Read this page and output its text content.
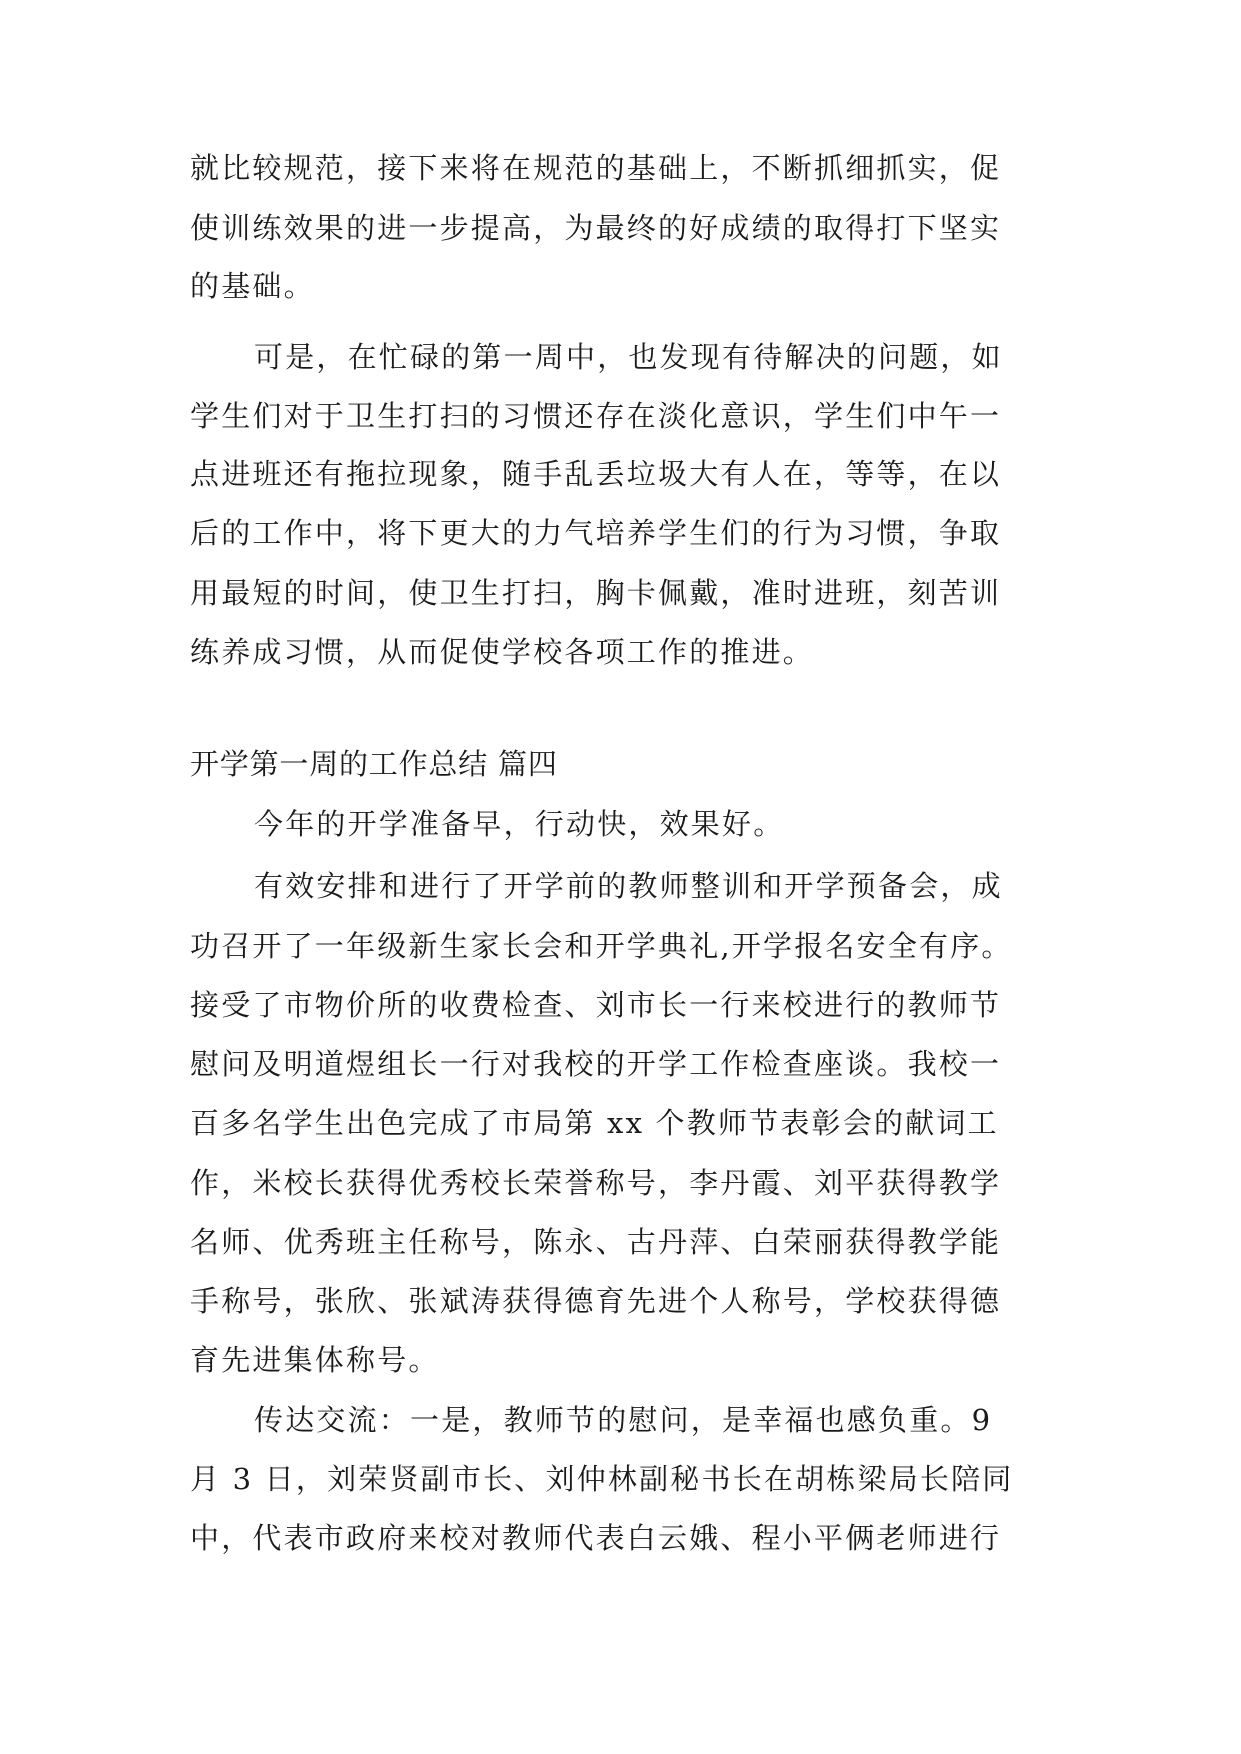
就比较规范，接下来将在规范的基础上，不断抓细抓实，促
使训练效果的进一步提高，为最终的好成绩的取得打下坚实
的基础。
可是，在忙碌的第一周中，也发现有待解决的问题，如
学生们对于卫生打扫的习惯还存在淡化意识，学生们中午一
点进班还有拖拉现象，随手乱丢垃圾大有人在，等等，在以
后的工作中，将下更大的力气培养学生们的行为习惯，争取
用最短的时间，使卫生打扫，胸卡佩戴，准时进班，刻苦训
练养成习惯，从而促使学校各项工作的推进。
开学第一周的工作总结 篇四
今年的开学准备早，行动快，效果好。
有效安排和进行了开学前的教师整训和开学预备会，成
功召开了一年级新生家长会和开学典礼,开学报名安全有序。
接受了市物价所的收费检查、刘市长一行来校进行的教师节
慰问及明道煜组长一行对我校的开学工作检查座谈。我校一
百多名学生出色完成了市局第 xx 个教师节表彰会的献词工
作，米校长获得优秀校长荣誉称号，李丹霞、刘平获得教学
名师、优秀班主任称号，陈永、古丹萍、白荣丽获得教学能
手称号，张欣、张斌涛获得德育先进个人称号，学校获得德
育先进集体称号。
传达交流：一是，教师节的慰问，是幸福也感负重。9
月 3 日，刘荣贤副市长、刘仲林副秘书长在胡栋梁局长陪同
中，代表市政府来校对教师代表白云娥、程小平俩老师进行
